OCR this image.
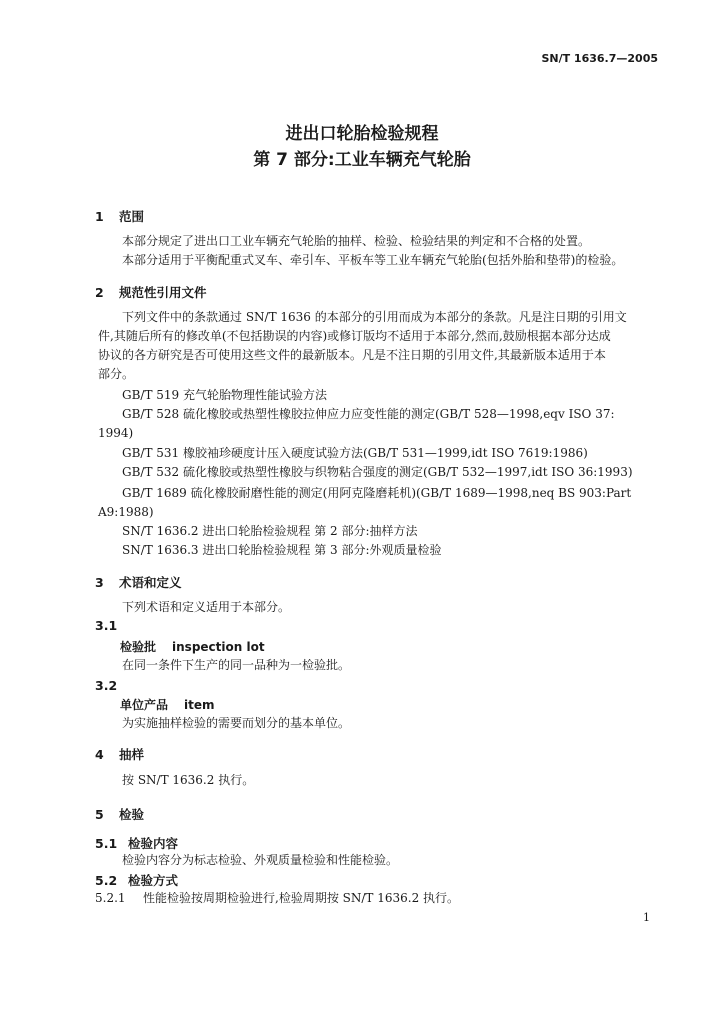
SN/T 1636.7—2005
进出口轮胎检验规程
第 7 部分:工业车辆充气轮胎
1 范围
本部分规定了进出口工业车辆充气轮胎的抽样、检验、检验结果的判定和不合格的处置。
本部分适用于平衡配重式叉车、牵引车、平板车等工业车辆充气轮胎(包括外胎和垫带)的检验。
2 规范性引用文件
下列文件中的条款通过 SN/T 1636 的本部分的引用而成为本部分的条款。凡是注日期的引用文
件,其随后所有的修改单(不包括勘误的内容)或修订版均不适用于本部分,然而,鼓励根据本部分达成
协议的各方研究是否可使用这些文件的最新版本。凡是不注日期的引用文件,其最新版本适用于本
部分。
GB/T 519 充气轮胎物理性能试验方法
GB/T 528 硫化橡胶或热塑性橡胶拉伸应力应变性能的测定(GB/T 528—1998,eqv ISO 37:
1994)
GB/T 531 橡胶袖珍硬度计压入硬度试验方法(GB/T 531—1999,idt ISO 7619:1986)
GB/T 532 硫化橡胶或热塑性橡胶与织物粘合强度的测定(GB/T 532—1997,idt ISO 36:1993)
GB/T 1689 硫化橡胶耐磨性能的测定(用阿克隆磨耗机)(GB/T 1689—1998,neq BS 903:Part
A9:1988)
SN/T 1636.2 进出口轮胎检验规程 第 2 部分:抽样方法
SN/T 1636.3 进出口轮胎检验规程 第 3 部分:外观质量检验
3 术语和定义
下列术语和定义适用于本部分。
3.1
检验批 inspection lot
在同一条件下生产的同一品种为一检验批。
3.2
单位产品 item
为实施抽样检验的需要而划分的基本单位。
4 抽样
按 SN/T 1636.2 执行。
5 检验
5.1 检验内容
检验内容分为标志检验、外观质量检验和性能检验。
5.2 检验方式
5.2.1 性能检验按周期检验进行,检验周期按 SN/T 1636.2 执行。
1
